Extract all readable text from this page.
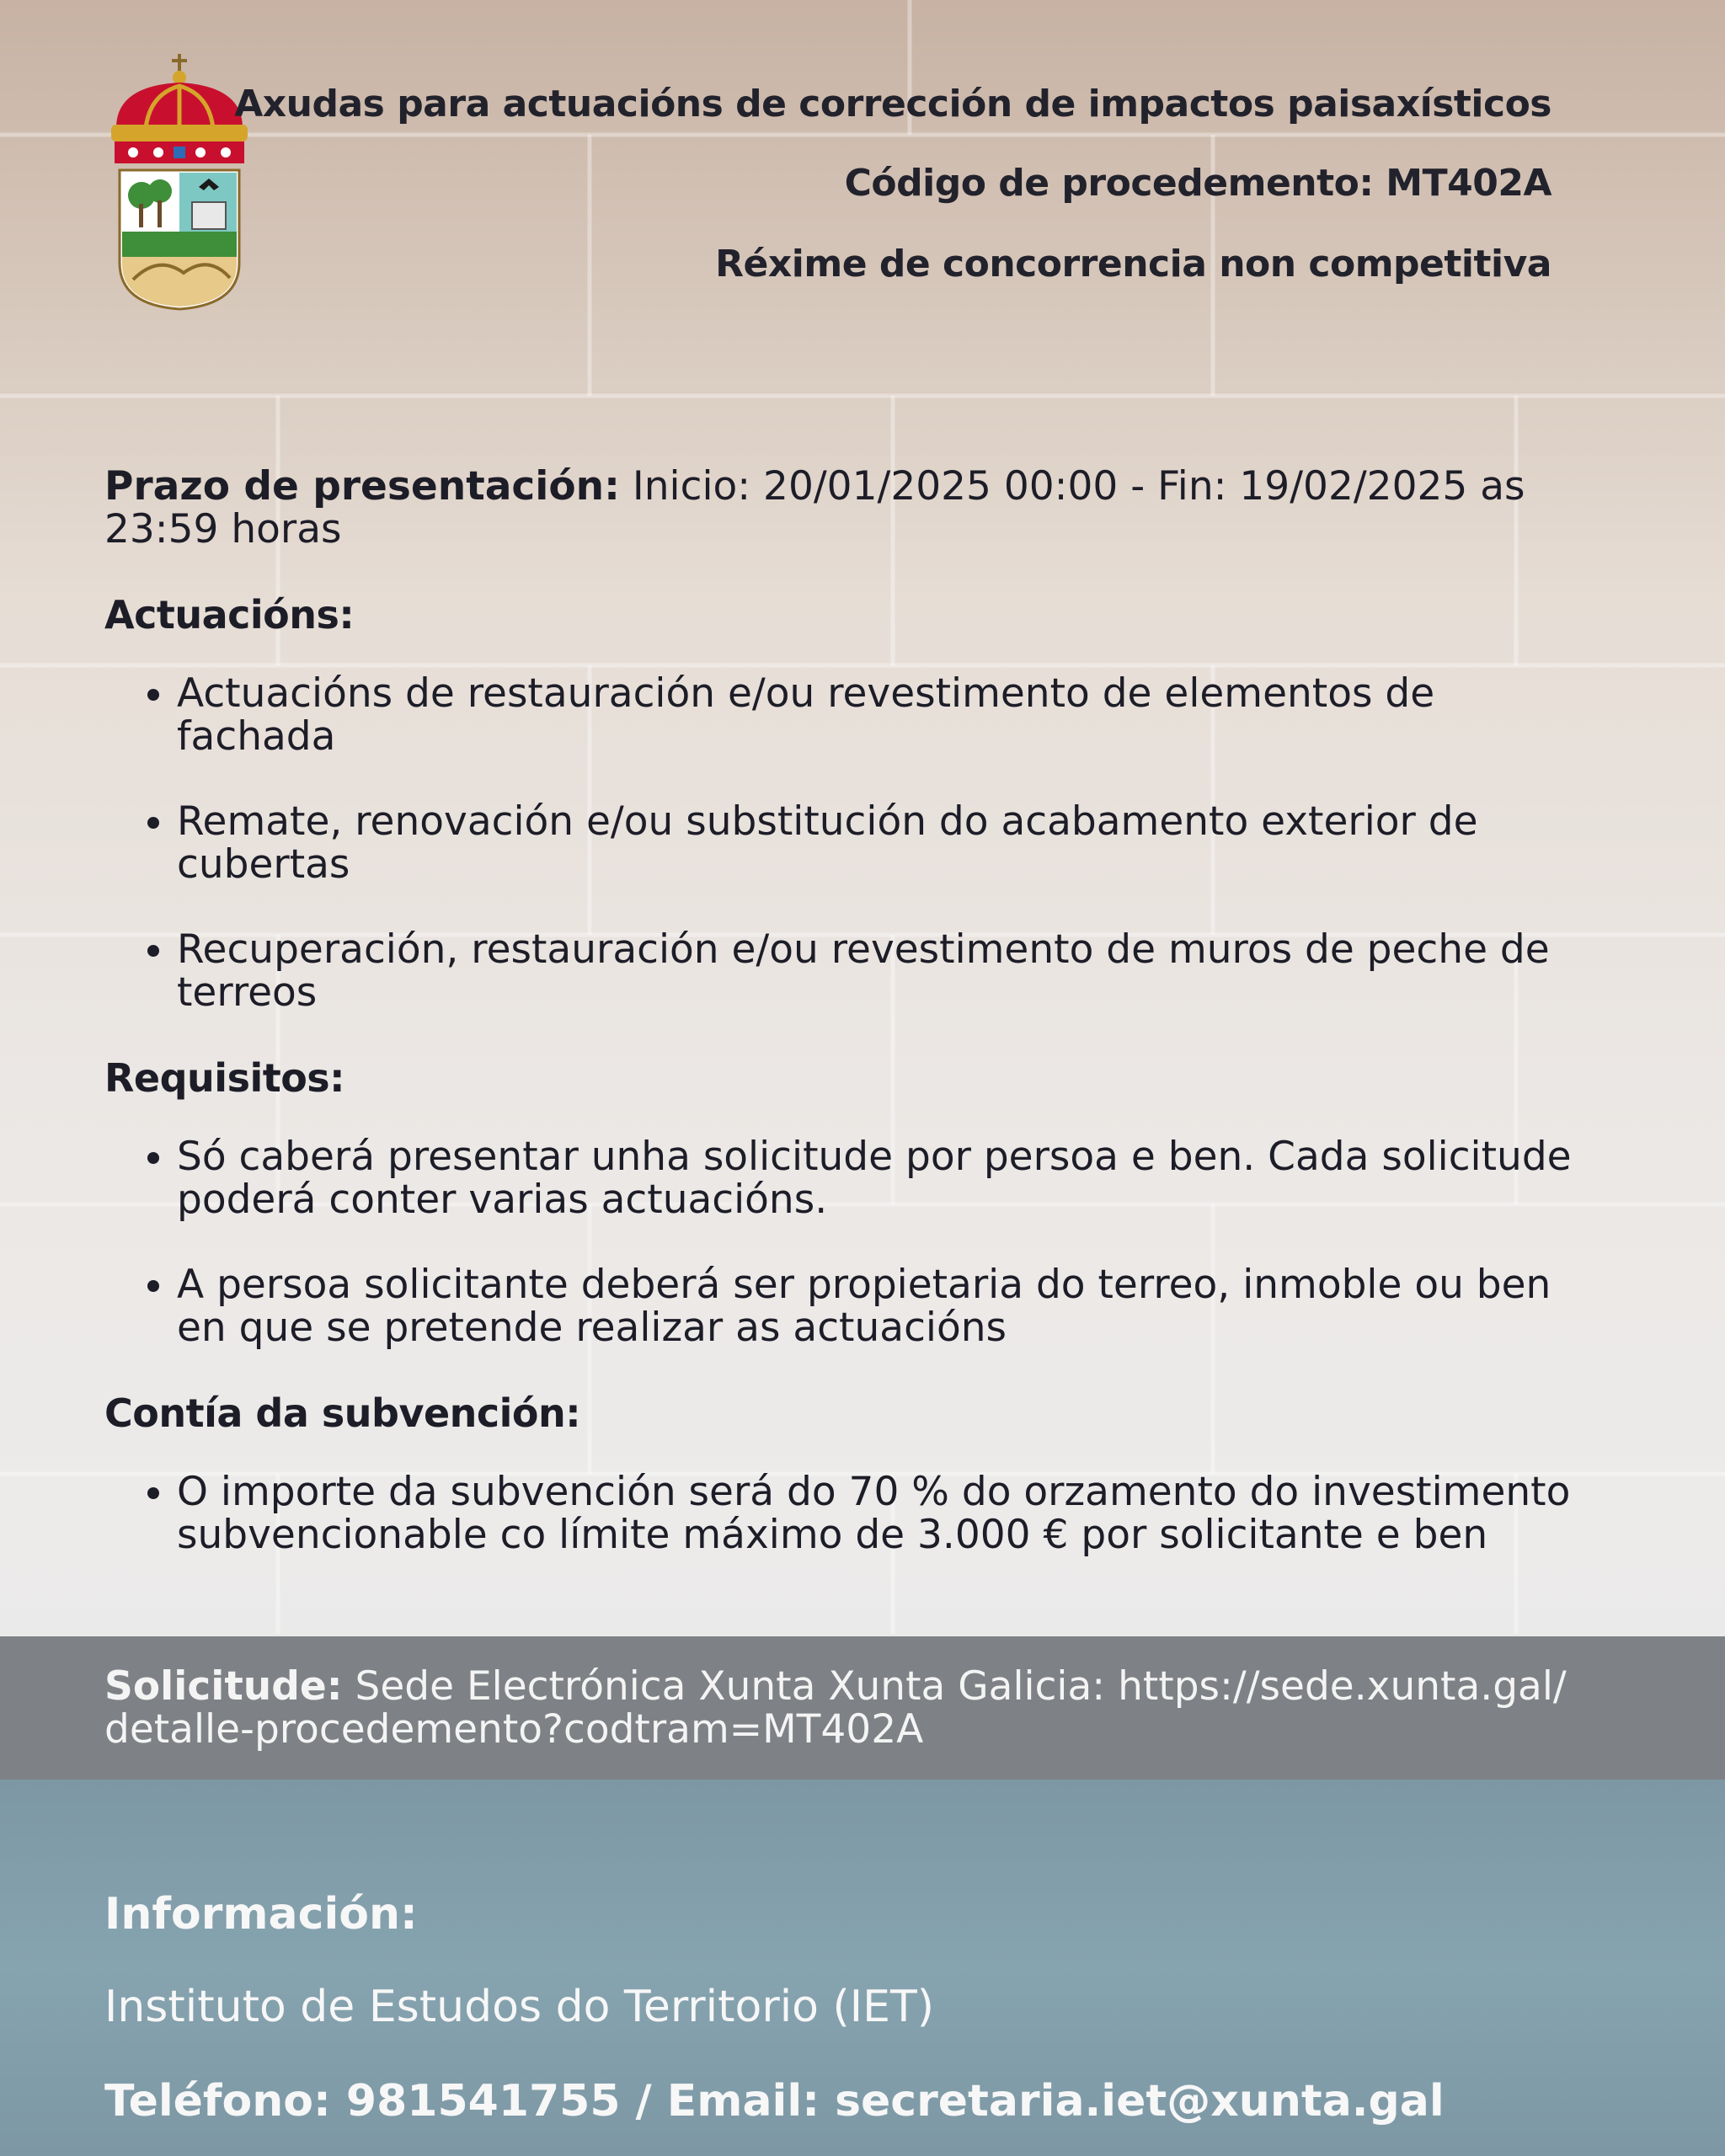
Axudas para actuacións de corrección de impactos paisaxísticos
Código de procedemento: MT402A
Réxime de concorrencia non competitiva

Prazo de presentación: Inicio: 20/01/2025 00:00 - Fin: 19/02/2025 as 23:59 horas

Actuacións:
• Actuacións de restauración e/ou revestimento de elementos de fachada
• Remate, renovación e/ou substitución do acabamento exterior de cubertas
• Recuperación, restauración e/ou revestimento de muros de peche de terreos
Requisitos:
• Só caberá presentar unha solicitude por persoa e ben. Cada solicitude poderá conter varias actuacións.
• A persoa solicitante deberá ser propietaria do terreo, inmoble ou ben en que se pretende realizar as actuacións
Contía da subvención:
• O importe da subvención será do 70 % do orzamento do investimento subvencionable co límite máximo de 3.000 € por solicitante e ben
Solicitude: Sede Electrónica Xunta Xunta Galicia: https://sede.xunta.gal/ detalle-procedemento?codtram=MT402A
Información:
Instituto de Estudos do Territorio (IET)
Teléfono: 981541755 / Email: secretaria.iet@xunta.gal
